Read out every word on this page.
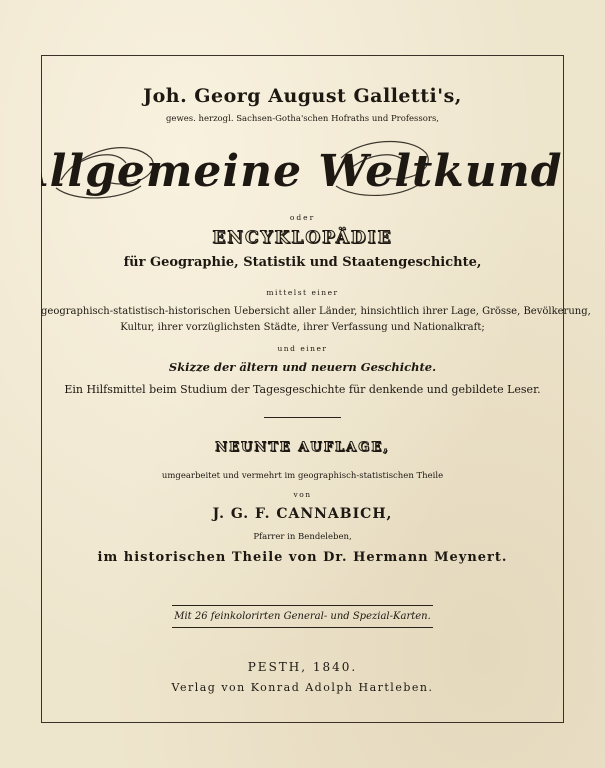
Joh. Georg August Galletti's,
gewes. herzogl. Sachsen-Gotha'schen Hofraths und Professors,
Allgemeine Weltkunde
oder
ENCYKLOPÄDIE
für Geographie, Statistik und Staatengeschichte,
mittelst einer
geographisch-statistisch-historischen Uebersicht aller Länder, hinsichtlich ihrer Lage, Grösse, Bevölkerung,
Kultur, ihrer vorzüglichsten Städte, ihrer Verfassung und Nationalkraft;
und einer
Skizze der ältern und neuern Geschichte.
Ein Hilfsmittel beim Studium der Tagesgeschichte für denkende und gebildete Leser.
NEUNTE AUFLAGE,
umgearbeitet und vermehrt im geographisch-statistischen Theile
von
J. G. F. CANNABICH,
Pfarrer in Bendeleben,
im historischen Theile von Dr. Hermann Meynert.
Mit 26 feinkolorirten General- und Spezial-Karten.
PESTH, 1840.
Verlag von Konrad Adolph Hartleben.
